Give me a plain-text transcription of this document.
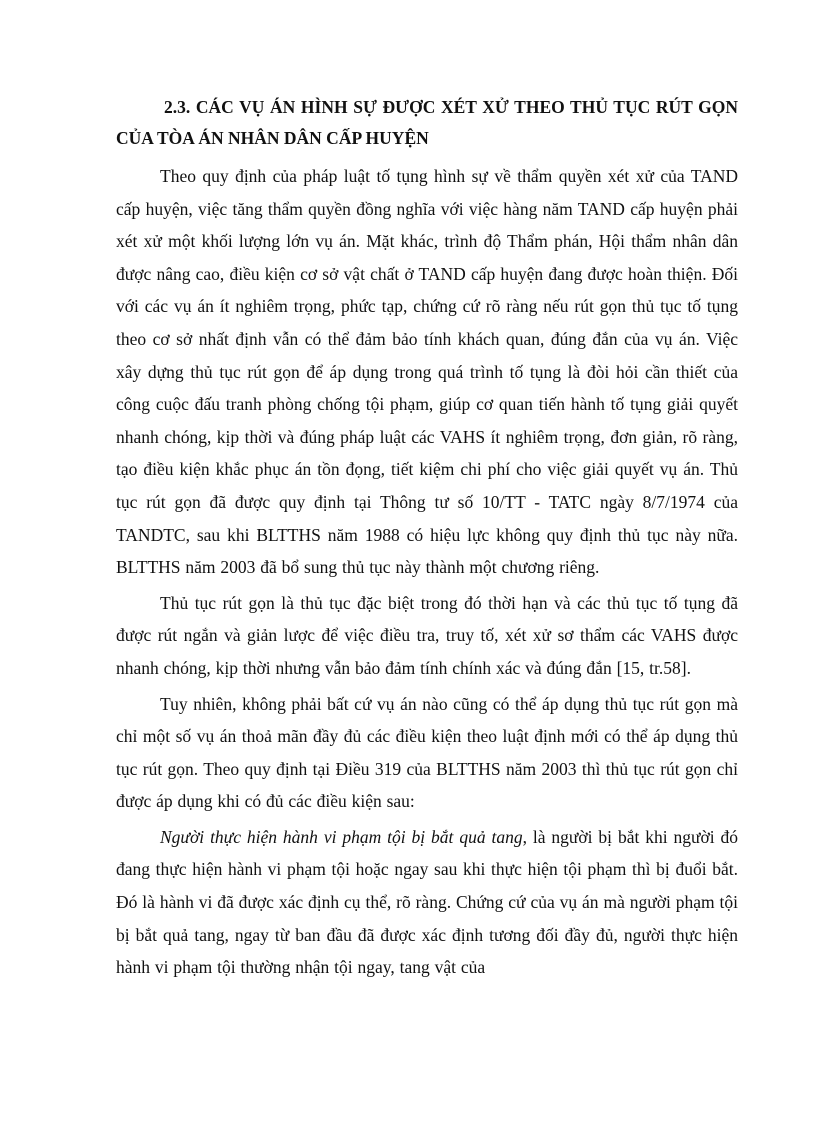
2.3. CÁC VỤ ÁN HÌNH SỰ ĐƯỢC XÉT XỬ THEO THỦ TỤC RÚT GỌN CỦA TÒA ÁN NHÂN DÂN CẤP HUYỆN

Theo quy định của pháp luật tố tụng hình sự về thẩm quyền xét xử của TAND cấp huyện, việc tăng thẩm quyền đồng nghĩa với việc hàng năm TAND cấp huyện phải xét xử một khối lượng lớn vụ án. Mặt khác, trình độ Thẩm phán, Hội thẩm nhân dân được nâng cao, điều kiện cơ sở vật chất ở TAND cấp huyện đang được hoàn thiện. Đối với các vụ án ít nghiêm trọng, phức tạp, chứng cứ rõ ràng nếu rút gọn thủ tục tố tụng theo cơ sở nhất định vẫn có thể đảm bảo tính khách quan, đúng đắn của vụ án. Việc xây dựng thủ tục rút gọn để áp dụng trong quá trình tố tụng là đòi hỏi cần thiết của công cuộc đấu tranh phòng chống tội phạm, giúp cơ quan tiến hành tố tụng giải quyết nhanh chóng, kịp thời và đúng pháp luật các VAHS ít nghiêm trọng, đơn giản, rõ ràng, tạo điều kiện khắc phục án tồn đọng, tiết kiệm chi phí cho việc giải quyết vụ án. Thủ tục rút gọn đã được quy định tại Thông tư số 10/TT - TATC ngày 8/7/1974 của TANDTC, sau khi BLTTHS năm 1988 có hiệu lực không quy định thủ tục này nữa. BLTTHS năm 2003 đã bổ sung thủ tục này thành một chương riêng.

Thủ tục rút gọn là thủ tục đặc biệt trong đó thời hạn và các thủ tục tố tụng đã được rút ngắn và giản lược để việc điều tra, truy tố, xét xử sơ thẩm các VAHS được nhanh chóng, kịp thời nhưng vẫn bảo đảm tính chính xác và đúng đắn [15, tr.58].

Tuy nhiên, không phải bất cứ vụ án nào cũng có thể áp dụng thủ tục rút gọn mà chỉ một số vụ án thoả mãn đầy đủ các điều kiện theo luật định mới có thể áp dụng thủ tục rút gọn. Theo quy định tại Điều 319 của BLTTHS năm 2003 thì thủ tục rút gọn chỉ được áp dụng khi có đủ các điều kiện sau:

Người thực hiện hành vi phạm tội bị bắt quả tang, là người bị bắt khi người đó đang thực hiện hành vi phạm tội hoặc ngay sau khi thực hiện tội phạm thì bị đuổi bắt. Đó là hành vi đã được xác định cụ thể, rõ ràng. Chứng cứ của vụ án mà người phạm tội bị bắt quả tang, ngay từ ban đầu đã được xác định tương đối đầy đủ, người thực hiện hành vi phạm tội thường nhận tội ngay, tang vật của
